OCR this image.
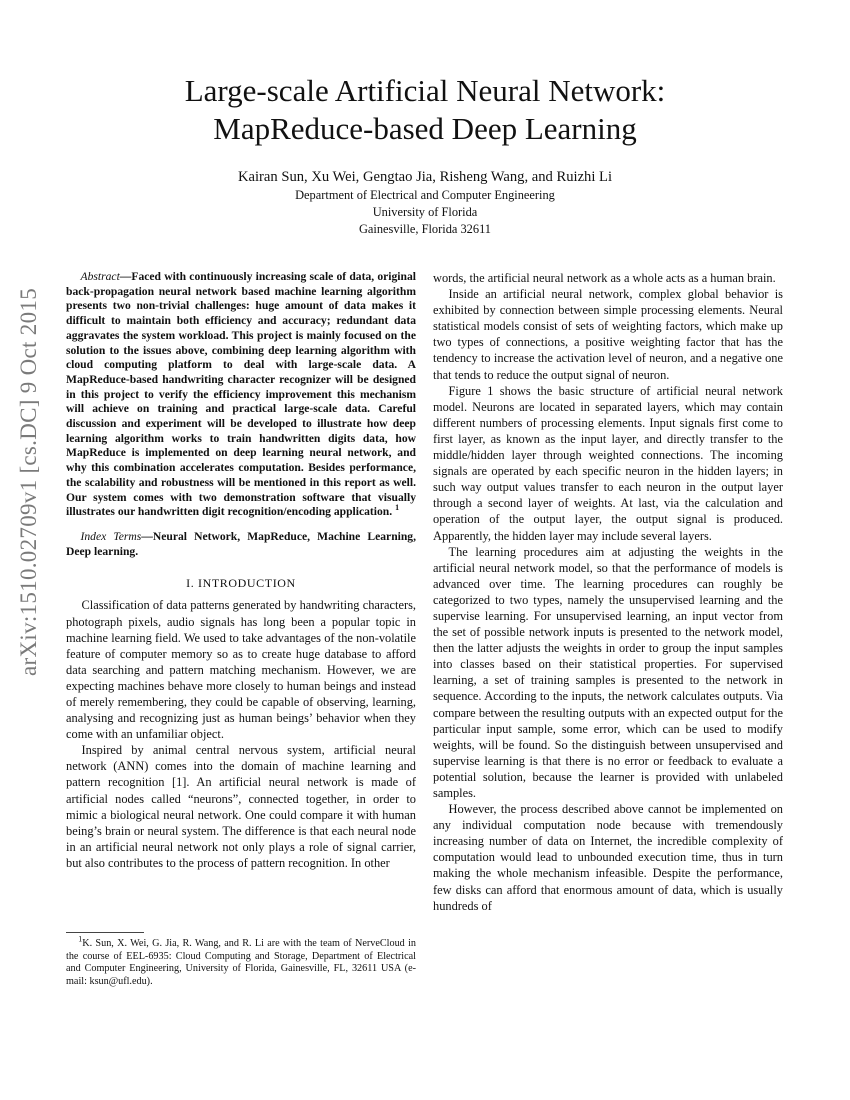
Large-scale Artificial Neural Network:
MapReduce-based Deep Learning
Kairan Sun, Xu Wei, Gengtao Jia, Risheng Wang, and Ruizhi Li
Department of Electrical and Computer Engineering
University of Florida
Gainesville, Florida 32611
arXiv:1510.02709v1 [cs.DC] 9 Oct 2015

Abstract—Faced with continuously increasing scale of data, original back-propagation neural network based machine learning algorithm presents two non-trivial challenges: huge amount of data makes it difficult to maintain both efficiency and accuracy; redundant data aggravates the system workload. This project is mainly focused on the solution to the issues above, combining deep learning algorithm with cloud computing platform to deal with large-scale data. A MapReduce-based handwriting character recognizer will be designed in this project to verify the efficiency improvement this mechanism will achieve on training and practical large-scale data. Careful discussion and experiment will be developed to illustrate how deep learning algorithm works to train handwritten digits data, how MapReduce is implemented on deep learning neural network, and why this combination accelerates computation. Besides performance, the scalability and robustness will be mentioned in this report as well. Our system comes with two demonstration software that visually illustrates our handwritten digit recognition/encoding application. $^1$

Index Terms—Neural Network, MapReduce, Machine Learning, Deep learning.

I. INTRODUCTION

Classification of data patterns generated by handwriting characters, photograph pixels, audio signals has long been a popular topic in machine learning field. We used to take advantages of the non-volatile feature of computer memory so as to create huge database to afford data searching and pattern matching mechanism. However, we are expecting machines behave more closely to human beings and instead of merely remembering, they could be capable of observing, learning, analysing and recognizing just as human beings’ behavior when they come with an unfamiliar object.

Inspired by animal central nervous system, artificial neural network (ANN) comes into the domain of machine learning and pattern recognition [1]. An artificial neural network is made of artificial nodes called “neurons”, connected together, in order to mimic a biological neural network. One could compare it with human being’s brain or neural system. The difference is that each neural node in an artificial neural network not only plays a role of signal carrier, but also contributes to the process of pattern recognition. In other

words, the artificial neural network as a whole acts as a human brain.

Inside an artificial neural network, complex global behavior is exhibited by connection between simple processing elements. Neural statistical models consist of sets of weighting factors, which make up two types of connections, a positive weighting factor that has the tendency to increase the activation level of neuron, and a negative one that tends to reduce the output signal of neuron.

Figure 1 shows the basic structure of artificial neural network model. Neurons are located in separated layers, which may contain different numbers of processing elements. Input signals first come to first layer, as known as the input layer, and directly transfer to the middle/hidden layer through weighted connections. The incoming signals are operated by each specific neuron in the hidden layers; in such way output values transfer to each neuron in the output layer through a second layer of weights. At last, via the calculation and operation of the output layer, the output signal is produced. Apparently, the hidden layer may include several layers.

The learning procedures aim at adjusting the weights in the artificial neural network model, so that the performance of models is advanced over time. The learning procedures can roughly be categorized to two types, namely the unsupervised learning and the supervise learning. For unsupervised learning, an input vector from the set of possible network inputs is presented to the network model, then the latter adjusts the weights in order to group the input samples into classes based on their statistical properties. For supervised learning, a set of training samples is presented to the network in sequence. According to the inputs, the network calculates outputs. Via compare between the resulting outputs with an expected output for the particular input sample, some error, which can be used to modify weights, will be found. So the distinguish between unsupervised and supervise learning is that there is no error or feedback to evaluate a potential solution, because the learner is provided with unlabeled samples.

However, the process described above cannot be implemented on any individual computation node because with tremendously increasing number of data on Internet, the incredible complexity of computation would lead to unbounded execution time, thus in turn making the whole mechanism infeasible. Despite the performance, few disks can afford that enormous amount of data, which is usually hundreds of

$^1$K. Sun, X. Wei, G. Jia, R. Wang, and R. Li are with the team of NerveCloud in the course of EEL-6935: Cloud Computing and Storage, Department of Electrical and Computer Engineering, University of Florida, Gainesville, FL, 32611 USA (e-mail: ksun@ufl.edu).
